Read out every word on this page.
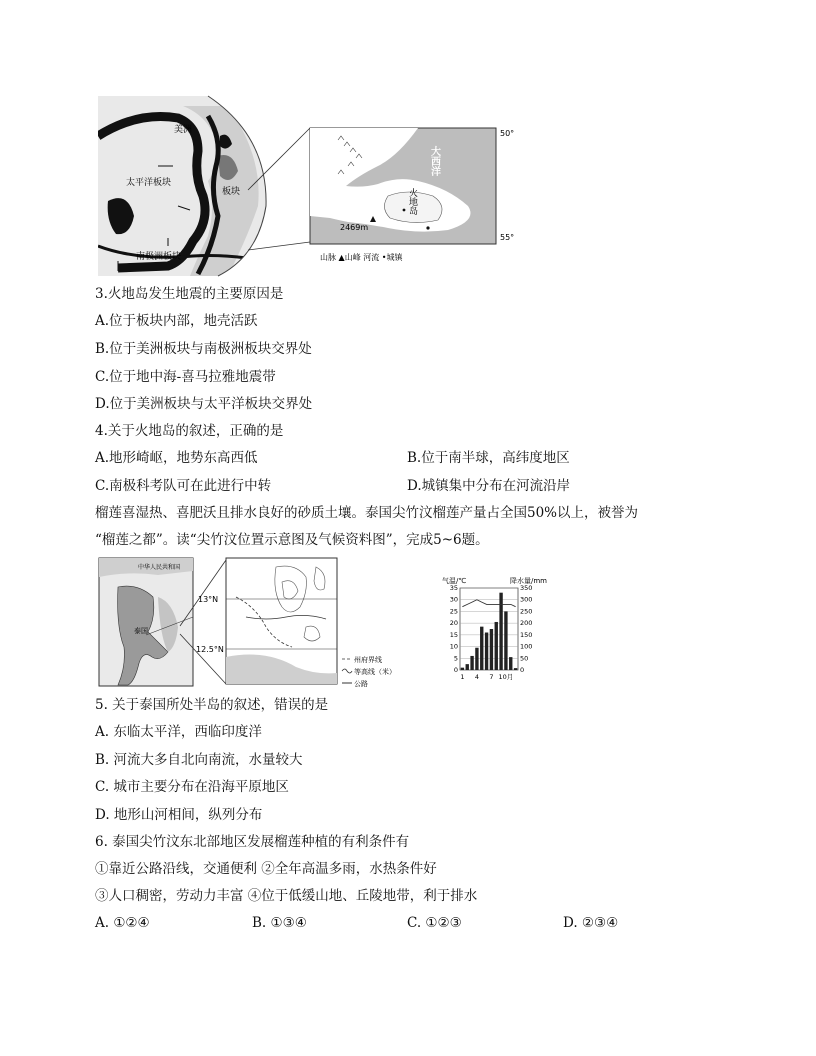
美洲
太平洋板块
板块
南极洲板块
50°
55°
太平洋
大西洋
火地岛
2469m
山脉 ▲山峰 河流 •城镇
3.火地岛发生地震的主要原因是
A.位于板块内部，地壳活跃
B.位于美洲板块与南极洲板块交界处
C.位于地中海-喜马拉雅地震带
D.位于美洲板块与太平洋板块交界处
4.关于火地岛的叙述，正确的是
A.地形崎岖，地势东高西低	B.位于南半球，高纬度地区
C.南极科考队可在此进行中转	D.城镇集中分布在河流沿岸
榴莲喜湿热、喜肥沃且排水良好的砂质土壤。泰国尖竹汶榴莲产量占全国50%以上，被誉为
“榴莲之都”。读“尖竹汶位置示意图及气候资料图”，完成5~6题。
中华人民共和国
泰国
13°N
12.5°N
州府界线
等高线（米）
公路
气温/℃	降水量/mm
35	350
30	300
25	250
20	200
15	150
10	100
5	50
0	0
1 4 7 10月
5. 关于泰国所处半岛的叙述，错误的是
A. 东临太平洋，西临印度洋
B. 河流大多自北向南流，水量较大
C. 城市主要分布在沿海平原地区
D. 地形山河相间，纵列分布
6. 泰国尖竹汶东北部地区发展榴莲种植的有利条件有
①靠近公路沿线，交通便利 ②全年高温多雨，水热条件好
③人口稠密，劳动力丰富 ④位于低缓山地、丘陵地带，利于排水
A. ①②④	B. ①③④	C. ①②③	D. ②③④
